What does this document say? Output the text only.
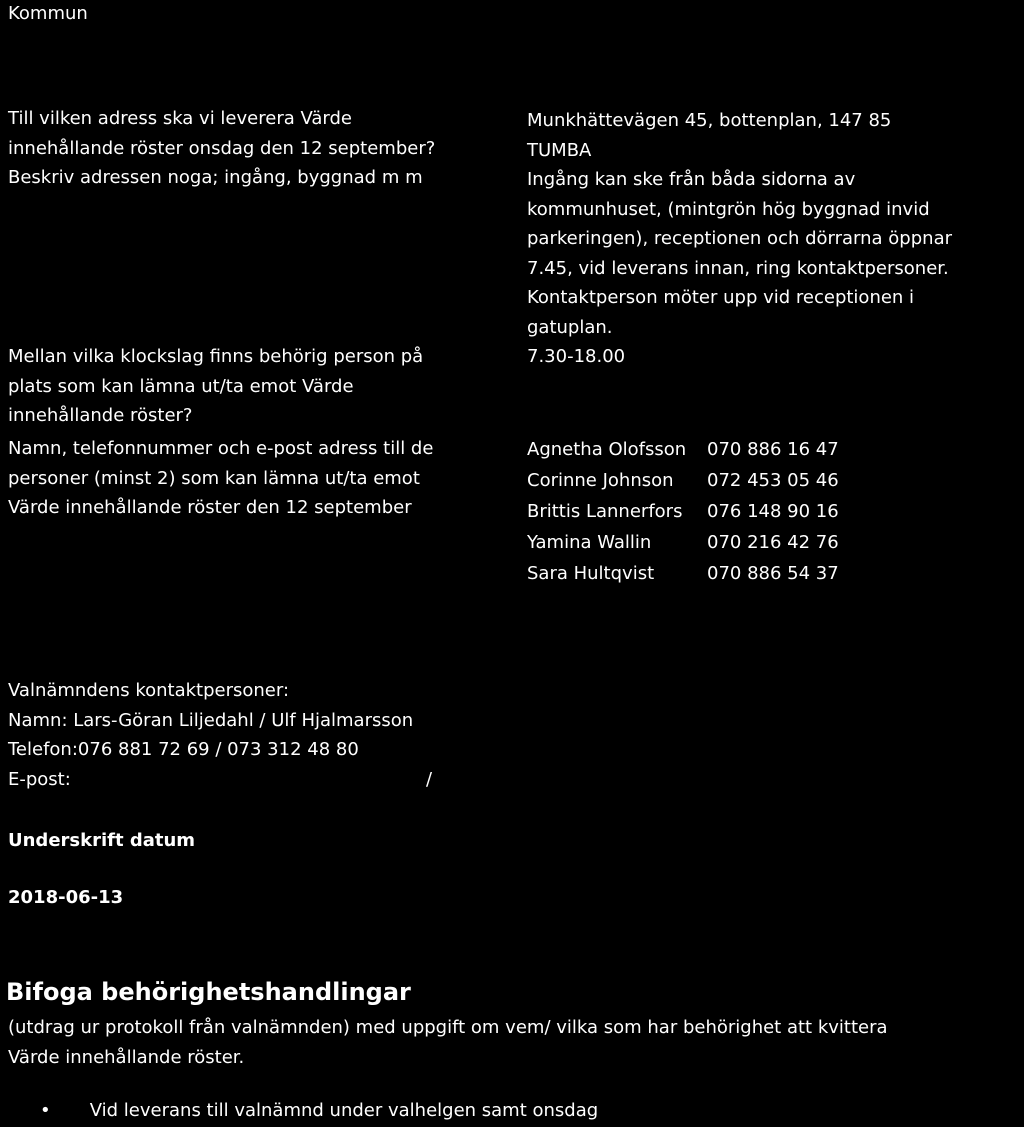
Kommun
Till vilken adress ska vi leverera Värde
innehållande röster onsdag den 12 september?
Beskriv adressen noga; ingång, byggnad m m
Munkhättevägen 45, bottenplan, 147 85
TUMBA
Ingång kan ske från båda sidorna av
kommunhuset, (mintgrön hög byggnad invid
parkeringen), receptionen och dörrarna öppnar
7.45, vid leverans innan, ring kontaktpersoner.
Kontaktperson möter upp vid receptionen i
gatuplan.
Mellan vilka klockslag finns behörig person på
plats som kan lämna ut/ta emot Värde
innehållande röster?
7.30-18.00
Namn, telefonnummer och e-post adress till de
personer (minst 2) som kan lämna ut/ta emot
Värde innehållande röster den 12 september
Agnetha Olofsson	070 886 16 47
Corinne Johnson	072 453 05 46
Brittis Lannerfors	076 148 90 16
Yamina Wallin	070 216 42 76
Sara Hultqvist	070 886 54 37
Valnämndens kontaktpersoner:
Namn: Lars-Göran Liljedahl / Ulf Hjalmarsson
Telefon:076 881 72 69 / 073 312 48 80
E-post:	/
Underskrift datum
2018-06-13
Bifoga behörighetshandlingar
(utdrag ur protokoll från valnämnden) med uppgift om vem/ vilka som har behörighet att kvittera
Värde innehållande röster.
• Vid leverans till valnämnd under valhelgen samt onsdag
